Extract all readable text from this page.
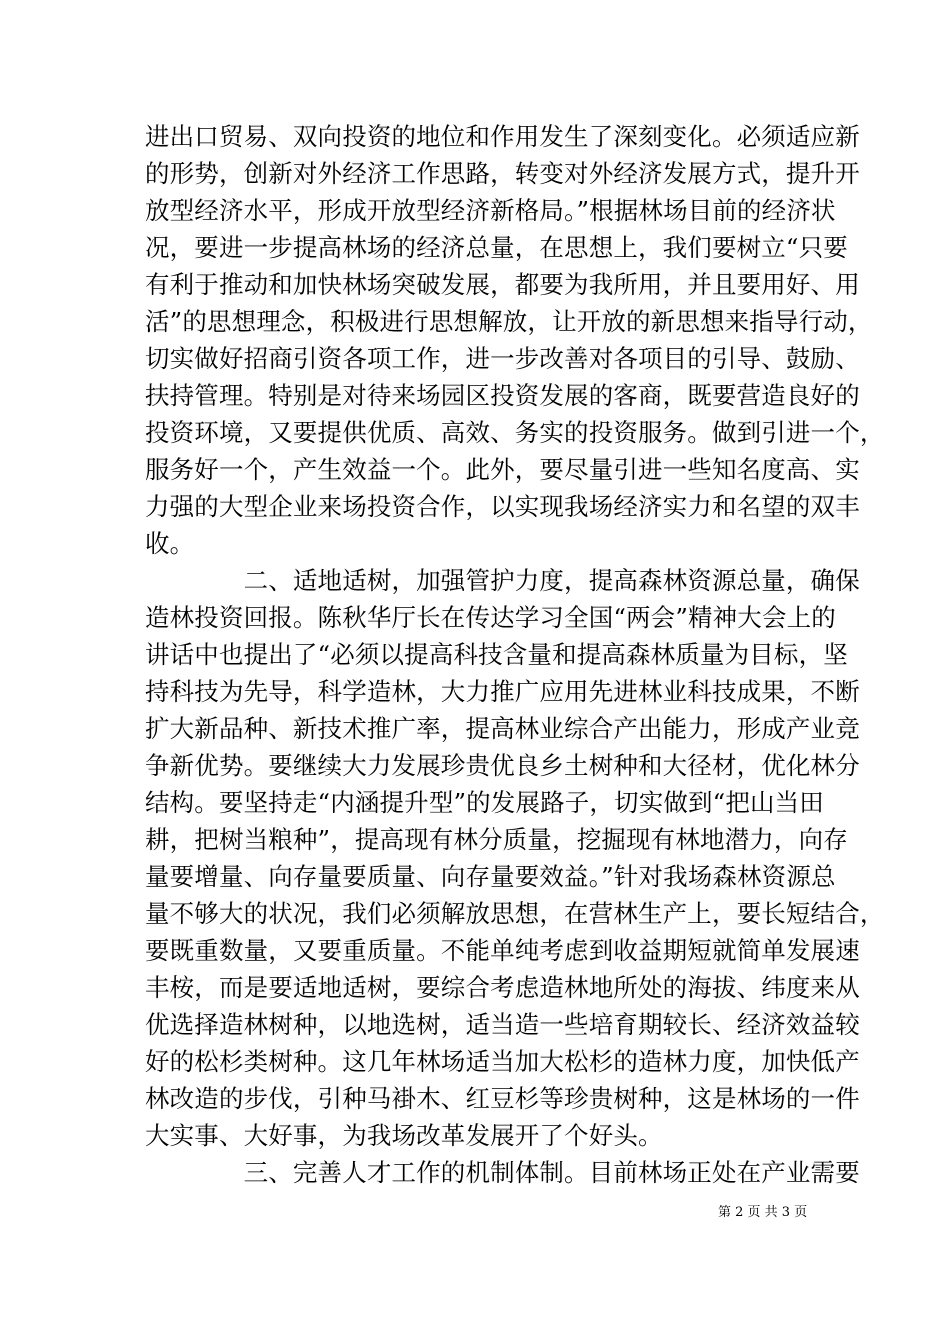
进出口贸易、双向投资的地位和作用发生了深刻变化。必须适应新
的形势，创新对外经济工作思路，转变对外经济发展方式，提升开
放型经济水平，形成开放型经济新格局。”根据林场目前的经济状
况，要进一步提高林场的经济总量，在思想上，我们要树立“只要
有利于推动和加快林场突破发展，都要为我所用，并且要用好、用
活”的思想理念，积极进行思想解放，让开放的新思想来指导行动，
切实做好招商引资各项工作，进一步改善对各项目的引导、鼓励、
扶持管理。特别是对待来场园区投资发展的客商，既要营造良好的
投资环境，又要提供优质、高效、务实的投资服务。做到引进一个，
服务好一个，产生效益一个。此外，要尽量引进一些知名度高、实
力强的大型企业来场投资合作，以实现我场经济实力和名望的双丰
收。
　　　　二、适地适树，加强管护力度，提高森林资源总量，确保
造林投资回报。陈秋华厅长在传达学习全国“两会”精神大会上的
讲话中也提出了“必须以提高科技含量和提高森林质量为目标，坚
持科技为先导，科学造林，大力推广应用先进林业科技成果，不断
扩大新品种、新技术推广率，提高林业综合产出能力，形成产业竞
争新优势。要继续大力发展珍贵优良乡土树种和大径材，优化林分
结构。要坚持走“内涵提升型”的发展路子，切实做到“把山当田
耕，把树当粮种”，提高现有林分质量，挖掘现有林地潜力，向存
量要增量、向存量要质量、向存量要效益。”针对我场森林资源总
量不够大的状况，我们必须解放思想，在营林生产上，要长短结合，
要既重数量，又要重质量。不能单纯考虑到收益期短就简单发展速
丰桉，而是要适地适树，要综合考虑造林地所处的海拔、纬度来从
优选择造林树种，以地选树，适当造一些培育期较长、经济效益较
好的松杉类树种。这几年林场适当加大松杉的造林力度，加快低产
林改造的步伐，引种马褂木、红豆杉等珍贵树种，这是林场的一件
大实事、大好事，为我场改革发展开了个好头。
　　　　三、完善人才工作的机制体制。目前林场正处在产业需要
第 2 页 共 3 页
